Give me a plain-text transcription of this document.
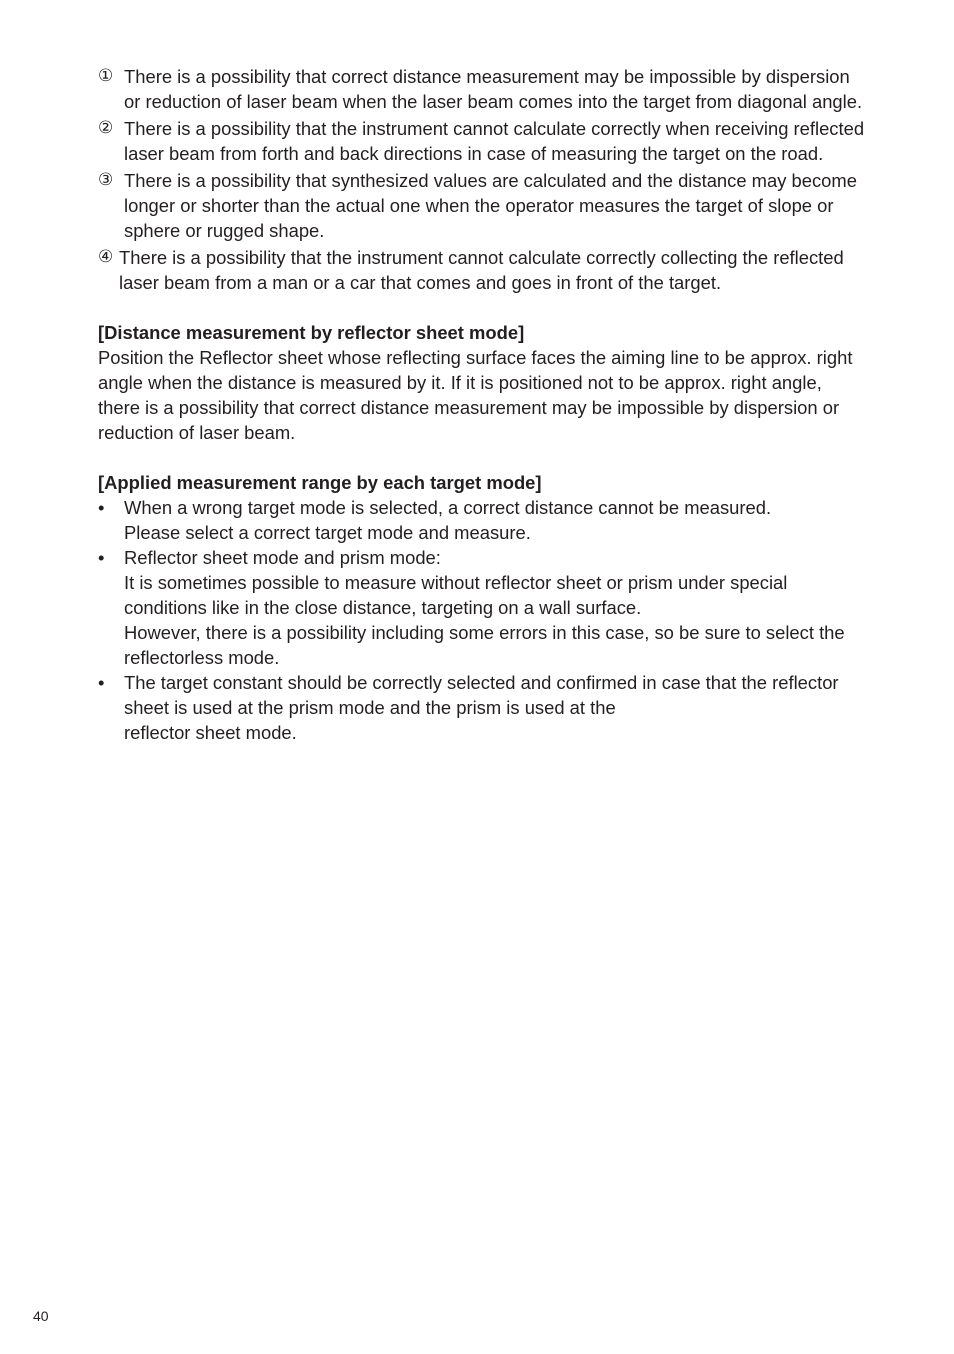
① There is a possibility that correct distance measurement may be impossible by dispersion or reduction of laser beam when the laser beam comes into the target from diagonal angle.
② There is a possibility that the instrument cannot calculate correctly when receiving reflected laser beam from forth and back directions in case of measuring the target on the road.
③ There is a possibility that synthesized values are calculated and the distance may become longer or shorter than the actual one when the operator measures the target of slope or sphere or rugged shape.
④ There is a possibility that the instrument cannot calculate correctly collecting the reflected laser beam from a man or a car that comes and goes in front of the target.

[Distance measurement by reflector sheet mode]

Position the Reflector sheet whose reflecting surface faces the aiming line to be approx. right angle when the distance is measured by it. If it is positioned not to be approx. right angle, there is a possibility that correct distance measurement may be impossible by dispersion or reduction of laser beam.

[Applied measurement range by each target mode]

•	When a wrong target mode is selected, a correct distance cannot be measured.
Please select a correct target mode and measure.
•	Reflector sheet mode and prism mode:
It is sometimes possible to measure without reflector sheet or prism under special conditions like in the close distance, targeting on a wall surface.
However, there is a possibility including some errors in this case, so be sure to select the reflectorless mode.
•	The target constant should be correctly selected and confirmed in case that the reflector sheet is used at the prism mode and the prism is used at the
reflector sheet mode.
40
